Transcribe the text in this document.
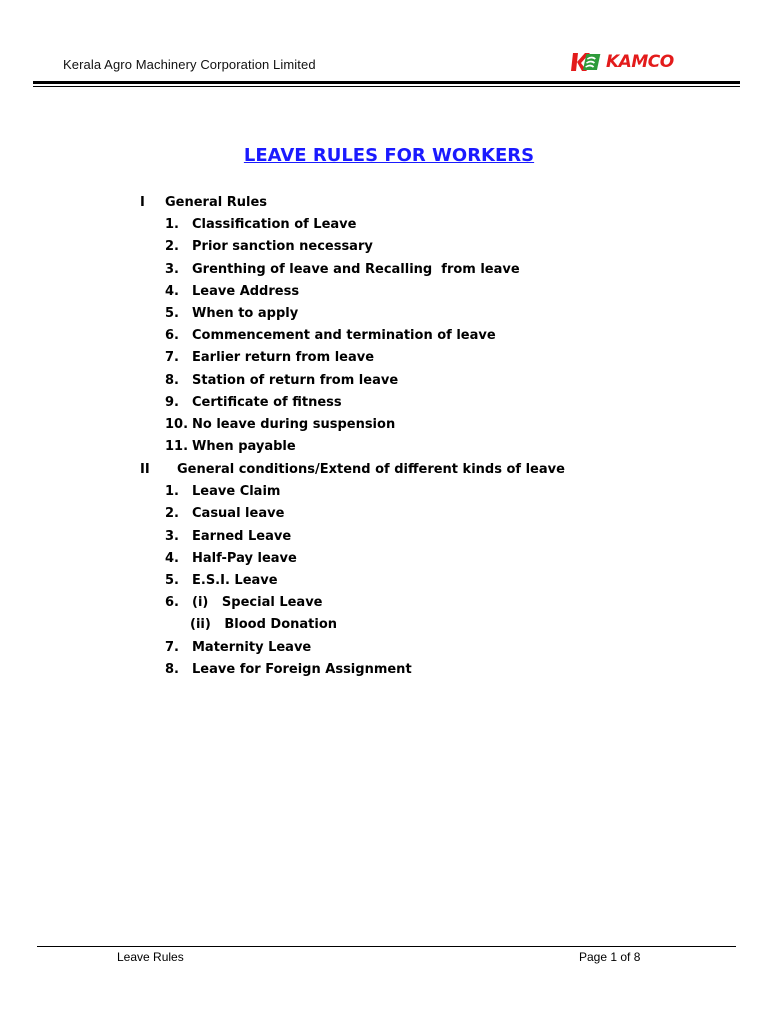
Kerala Agro Machinery Corporation Limited	KAMCO
LEAVE RULES FOR WORKERS
I General Rules
1. Classification of Leave
2. Prior sanction necessary
3. Grenthing of leave and Recalling  from leave
4. Leave Address
5. When to apply
6. Commencement and termination of leave
7. Earlier return from leave
8. Station of return from leave
9. Certificate of fitness
10. No leave during suspension
11. When payable
II General conditions/Extend of different kinds of leave
1. Leave Claim
2. Casual leave
3. Earned Leave
4. Half-Pay leave
5. E.S.I. Leave
6. (i)   Special Leave
(ii)   Blood Donation
7. Maternity Leave
8. Leave for Foreign Assignment
Leave Rules	Page 1 of 8
